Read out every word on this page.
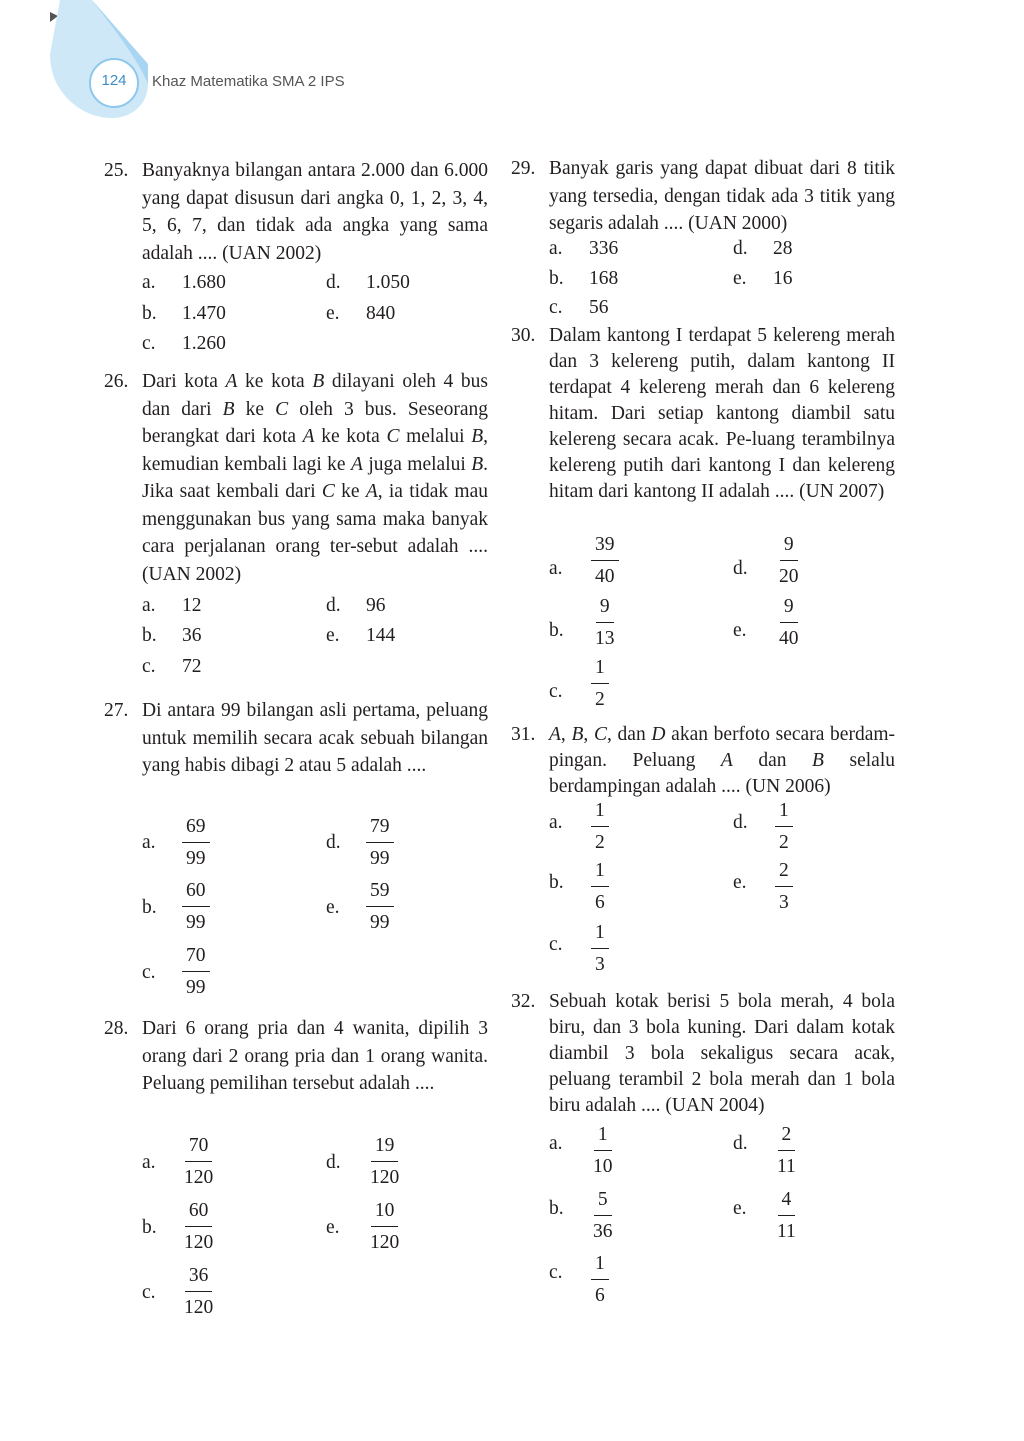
124	Khaz Matematika SMA 2 IPS
25. Banyaknya bilangan antara 2.000 dan 6.000 yang dapat disusun dari angka 0, 1, 2, 3, 4, 5, 6, 7, dan tidak ada angka yang sama adalah .... (UAN 2002)
a. 1.680
b. 1.470
c. 1.260
d. 1.050
e. 840
26. Dari kota A ke kota B dilayani oleh 4 bus dan dari B ke C oleh 3 bus. Seseorang berangkat dari kota A ke kota C melalui B, kemudian kembali lagi ke A juga melalui B. Jika saat kembali dari C ke A, ia tidak mau menggunakan bus yang sama maka banyak cara perjalanan orang ter-sebut adalah .... (UAN 2002)
a. 12
b. 36
c. 72
d. 96
e. 144
27. Di antara 99 bilangan asli pertama, peluang untuk memilih secara acak sebuah bilangan yang habis dibagi 2 atau 5 adalah ....
a. $\frac{69}{99}$
b. $\frac{60}{99}$
c. $\frac{70}{99}$
d. $\frac{79}{99}$
e. $\frac{59}{99}$
28. Dari 6 orang pria dan 4 wanita, dipilih 3 orang dari 2 orang pria dan 1 orang wanita. Peluang pemilihan tersebut adalah ....
a. $\frac{70}{120}$
b. $\frac{60}{120}$
c. $\frac{36}{120}$
d. $\frac{19}{120}$
e. $\frac{10}{120}$
29. Banyak garis yang dapat dibuat dari 8 titik yang tersedia, dengan tidak ada 3 titik yang segaris adalah .... (UAN 2000)
a. 336
b. 168
c. 56
d. 28
e. 16
30. Dalam kantong I terdapat 5 kelereng merah dan 3 kelereng putih, dalam kantong II terdapat 4 kelereng merah dan 6 kelereng hitam. Dari setiap kantong diambil satu kelereng secara acak. Pe-luang terambilnya kelereng putih dari kantong I dan kelereng hitam dari kantong II adalah .... (UN 2007)
a. $\frac{39}{40}$
b. $\frac{9}{13}$
c. $\frac{1}{2}$
d. $\frac{9}{20}$
e. $\frac{9}{40}$
31. A, B, C, dan D akan berfoto secara berdam-pingan. Peluang A dan B selalu berdampingan adalah .... (UN 2006)
a. $\frac{1}{2}$
b. $\frac{1}{6}$
c. $\frac{1}{3}$
d. $\frac{1}{2}$
e. $\frac{2}{3}$
32. Sebuah kotak berisi 5 bola merah, 4 bola biru, dan 3 bola kuning. Dari dalam kotak diambil 3 bola sekaligus secara acak, peluang terambil 2 bola merah dan 1 bola biru adalah .... (UAN 2004)
a. $\frac{1}{10}$
b. $\frac{5}{36}$
c. $\frac{1}{6}$
d. $\frac{2}{11}$
e. $\frac{4}{11}$
